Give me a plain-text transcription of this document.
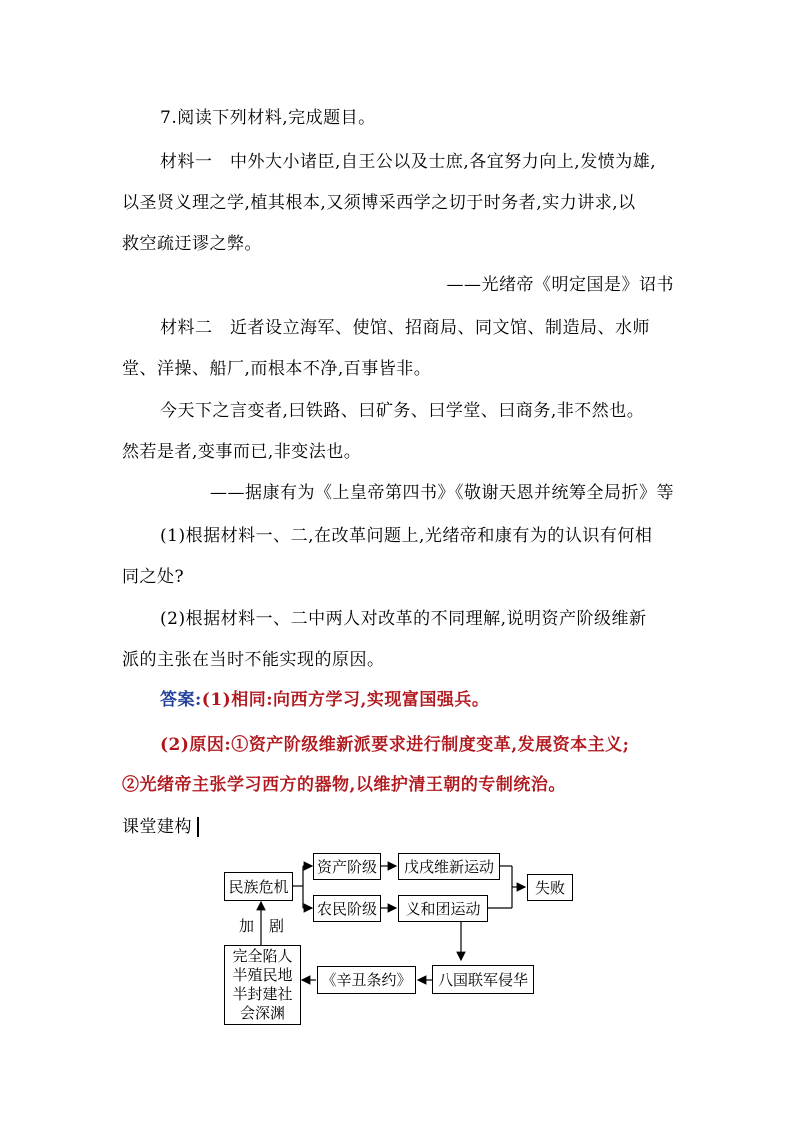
7.阅读下列材料,完成题目。
材料一　中外大小诸臣,自王公以及士庶,各宜努力向上,发愤为雄,
以圣贤义理之学,植其根本,又须博采西学之切于时务者,实力讲求,以
救空疏迂谬之弊。
——光绪帝《明定国是》诏书
材料二　近者设立海军、使馆、招商局、同文馆、制造局、水师
堂、洋操、船厂,而根本不净,百事皆非。
今天下之言变者,曰铁路、曰矿务、曰学堂、曰商务,非不然也。
然若是者,变事而已,非变法也。
——据康有为《上皇帝第四书》《敬谢天恩并统筹全局折》等
(1)根据材料一、二,在改革问题上,光绪帝和康有为的认识有何相
同之处?
(2)根据材料一、二中两人对改革的不同理解,说明资产阶级维新
派的主张在当时不能实现的原因。
答案:(1)相同:向西方学习,实现富国强兵。
(2)原因:①资产阶级维新派要求进行制度变革,发展资本主义;
②光绪帝主张学习西方的器物,以维护清王朝的专制统治。
课堂建构
民族危机
资产阶级
农民阶级
戊戌维新运动
义和团运动
失败
八国联军侵华
《辛丑条约》
完全陷人
半殖民地
半封建社
会深渊
加　剧
